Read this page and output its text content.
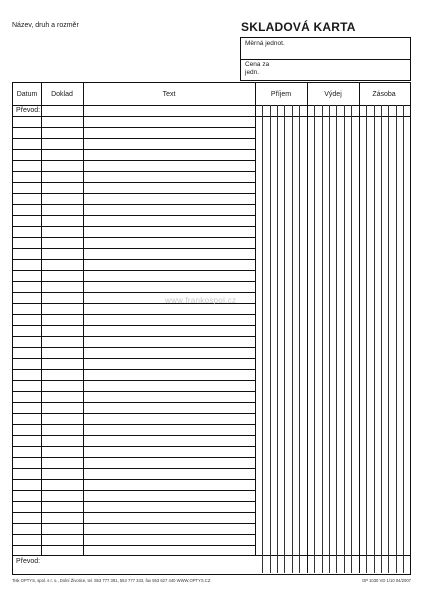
Název, druh a rozměr	SKLADOVÁ KARTA
Měrná jednot.
Cena za jedn.
Datum	Doklad	Text	Příjem	Výdej	Zásoba
Převod:
Převod:
www.frankospol.cz
Tisk OPTYS, spol. s r. o., Dolní Životice, tel. 553 777 391, 553 777 333, fax 553 627 440 WWW.OPTYS.CZ	OP 1030 VD 1/10 04/2007
